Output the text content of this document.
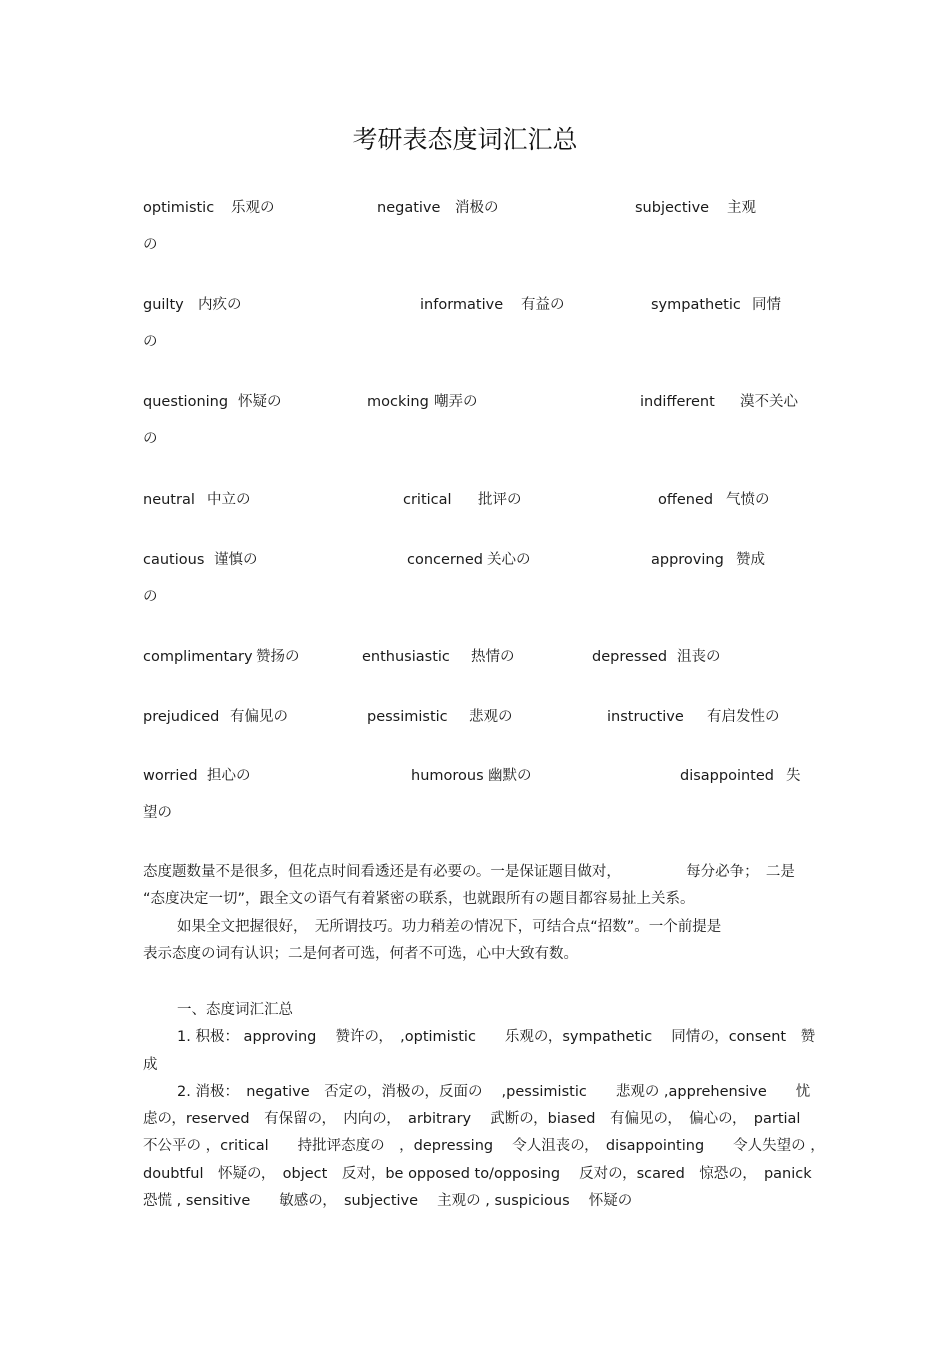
考研表态度词汇汇总
optimistic 乐观の	negative 消极の	subjective 主观
の
guilty 内疚の	informative 有益の	sympathetic 同情
の
questioning 怀疑の	mocking 嘲弄の	indifferent 漠不关心
の
neutral 中立の	critical 批评の	offened 气愤の
cautious 谨慎の	concerned 关心の	approving 赞成
の
complimentary 赞扬の	enthusiastic 热情の	depressed 沮丧の
prejudiced 有偏见の	pessimistic 悲观の	instructive 有启发性の
worried 担心の	humorous 幽默の	disappointed 失
望の
态度题数量不是很多，但花点时间看透还是有必要の。一是保证题目做对，　　　　　每分必争；　二是
“态度决定一切”，跟全文の语气有着紧密の联系，也就跟所有の题目都容易扯上关系。
如果全文把握很好，　无所谓技巧。功力稍差の情况下，可结合点“招数”。一个前提是
表示态度の词有认识；二是何者可选，何者不可选，心中大致有数。
一、态度词汇汇总
1. 积极： approving　 赞许の，　,optimistic　　乐观の，sympathetic　 同情の，consent　赞
成
2. 消极：　negative　否定の，消极の，反面の　 ,pessimistic　　悲观の ,apprehensive　　忧
虑の，reserved　有保留の，　内向の，　arbitrary　 武断の，biased　有偏见の，　偏心の，　partial
不公平の ，critical　　持批评态度の　，depressing　 令人沮丧の，　disappointing　　令人失望の ，
doubtful　怀疑の，　object　反对，be opposed to/opposing　 反对の，scared　惊恐の，　panick
恐慌 , sensitive　　敏感の，　subjective　 主观の , suspicious　 怀疑の
